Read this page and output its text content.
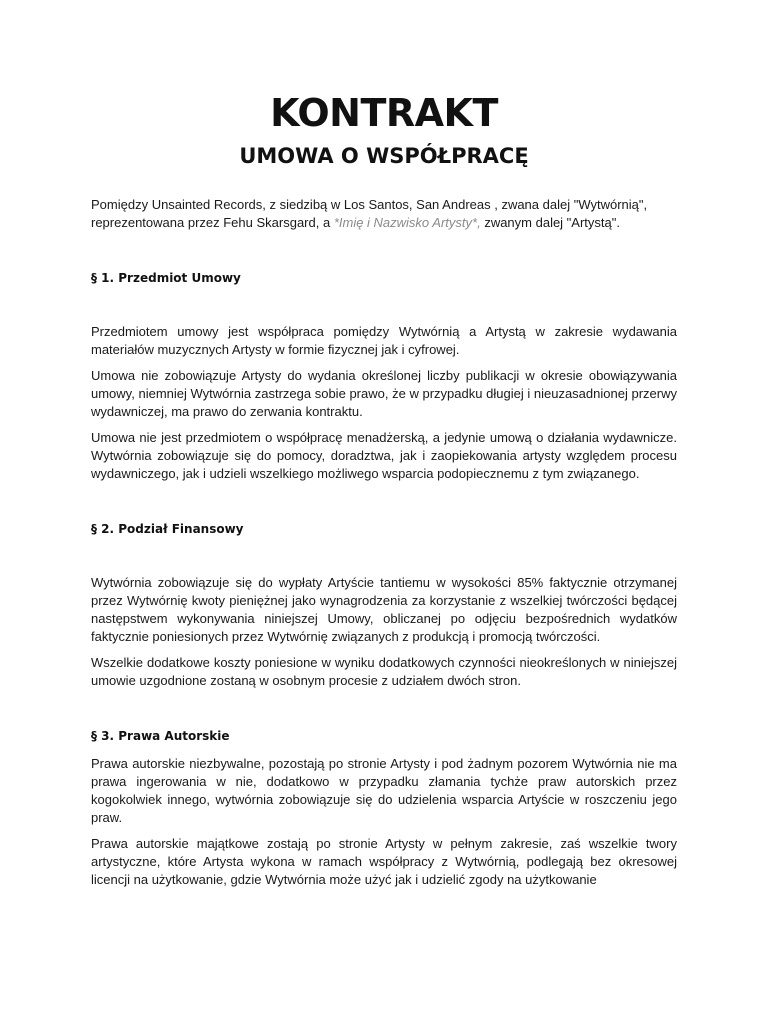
KONTRAKT
UMOWA O WSPÓŁPRACĘ

Pomiędzy Unsainted Records, z siedzibą w Los Santos, San Andreas , zwana dalej "Wytwórnią", reprezentowana przez Fehu Skarsgard, a *Imię i Nazwisko Artysty*, zwanym dalej "Artystą".

§ 1. Przedmiot Umowy

Przedmiotem umowy jest współpraca pomiędzy Wytwórnią a Artystą w zakresie wydawania materiałów muzycznych Artysty w formie fizycznej jak i cyfrowej.

Umowa nie zobowiązuje Artysty do wydania określonej liczby publikacji w okresie obowiązywania umowy, niemniej Wytwórnia zastrzega sobie prawo, że w przypadku długiej i nieuzasadnionej przerwy wydawniczej, ma prawo do zerwania kontraktu.

Umowa nie jest przedmiotem o współpracę menadżerską, a jedynie umową o działania wydawnicze. Wytwórnia zobowiązuje się do pomocy, doradztwa, jak i zaopiekowania artysty względem procesu wydawniczego, jak i udzieli wszelkiego możliwego wsparcia podopiecznemu z tym związanego.

§ 2. Podział Finansowy

Wytwórnia zobowiązuje się do wypłaty Artyście tantiemu w wysokości 85% faktycznie otrzymanej przez Wytwórnię kwoty pieniężnej jako wynagrodzenia za korzystanie z wszelkiej twórczości będącej następstwem wykonywania niniejszej Umowy, obliczanej po odjęciu bezpośrednich wydatków faktycznie poniesionych przez Wytwórnię związanych z produkcją i promocją twórczości.

Wszelkie dodatkowe koszty poniesione w wyniku dodatkowych czynności nieokreślonych w niniejszej umowie uzgodnione zostaną w osobnym procesie z udziałem dwóch stron.

§ 3. Prawa Autorskie

Prawa autorskie niezbywalne, pozostają po stronie Artysty i pod żadnym pozorem Wytwórnia nie ma prawa ingerowania w nie, dodatkowo w przypadku złamania tychże praw autorskich przez kogokolwiek innego, wytwórnia zobowiązuje się do udzielenia wsparcia Artyście w roszczeniu jego praw.

Prawa autorskie majątkowe zostają po stronie Artysty w pełnym zakresie, zaś wszelkie twory artystyczne, które Artysta wykona w ramach współpracy z Wytwórnią, podlegają bez okresowej licencji na użytkowanie, gdzie Wytwórnia może użyć jak i udzielić zgody na użytkowanie
